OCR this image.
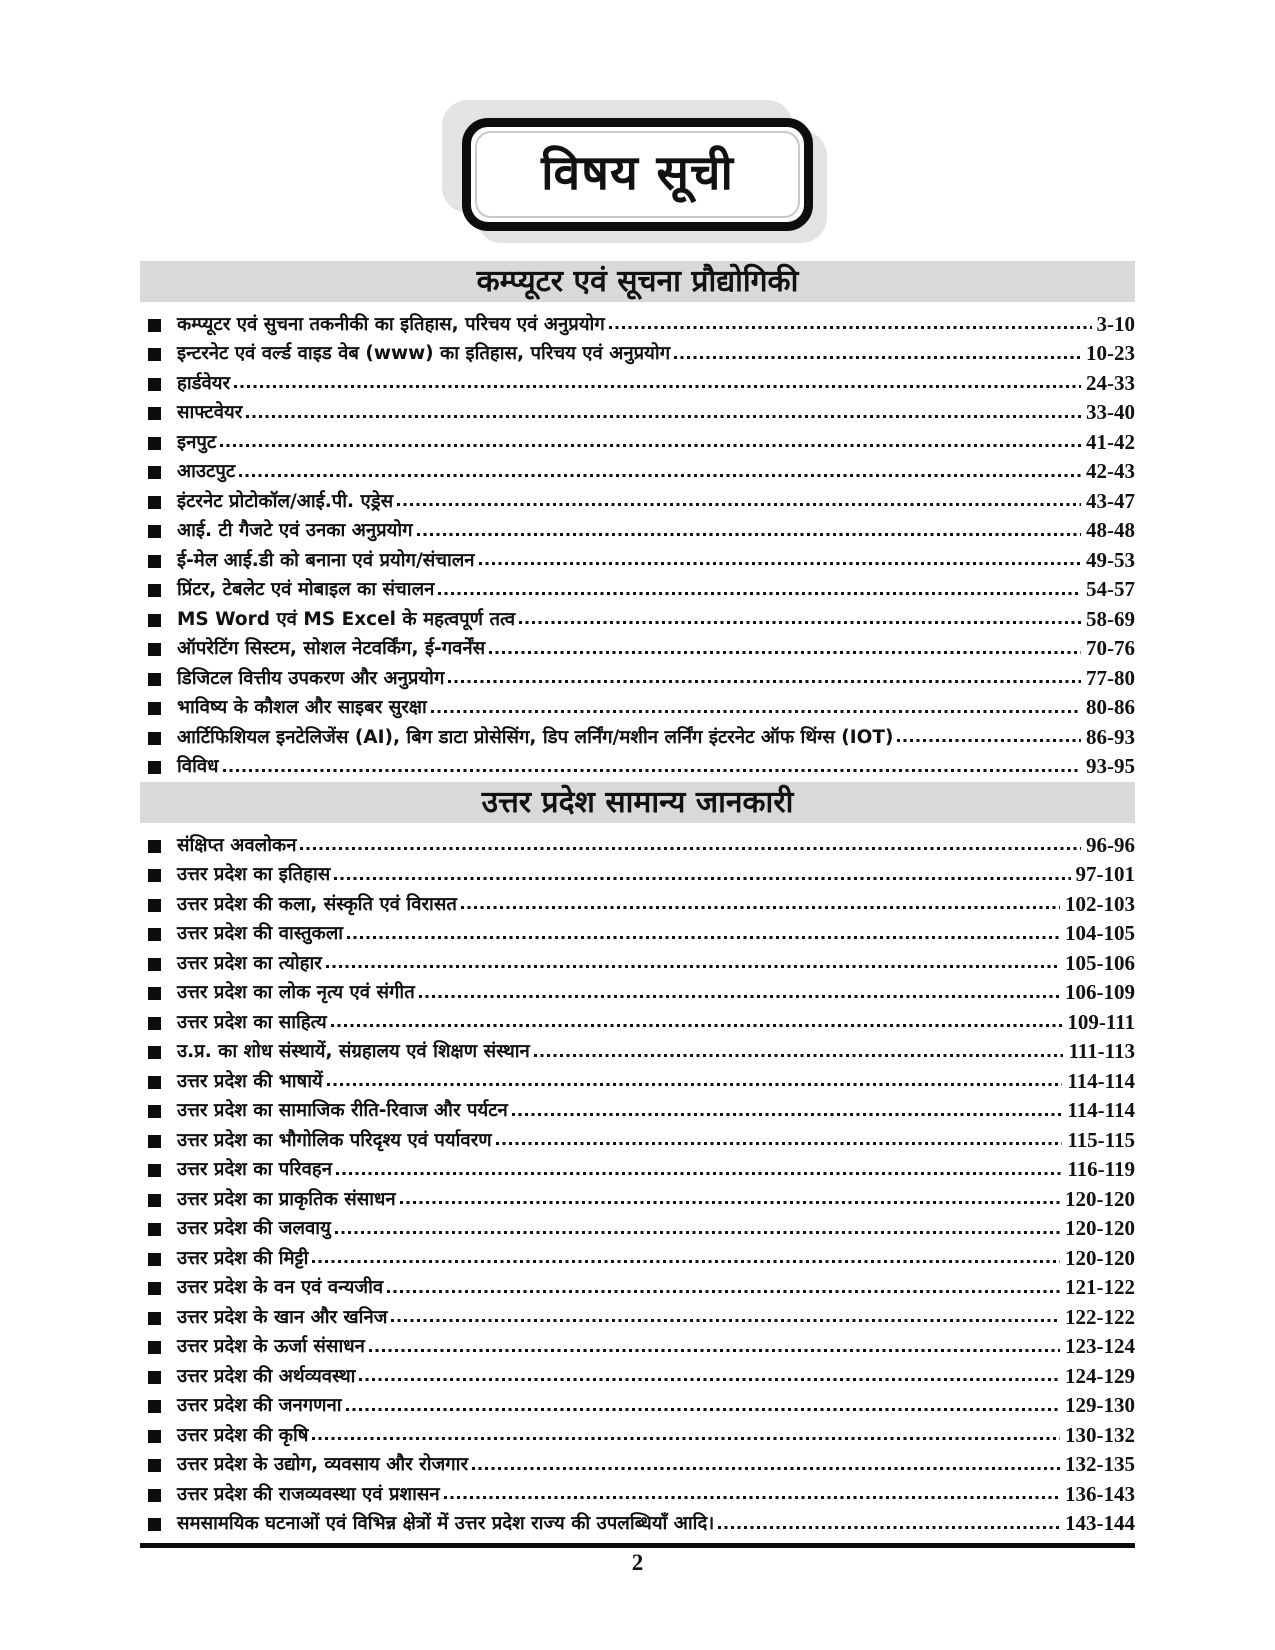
विषय सूची
कम्प्यूटर एवं सूचना प्रौद्योगिकी
कम्प्यूटर एवं सुचना तकनीकी का इतिहास, परिचय एवं अनुप्रयोग	3-10
इन्टरनेट एवं वर्ल्ड वाइड वेब (www) का इतिहास, परिचय एवं अनुप्रयोग	10-23
हार्डवेयर	24-33
साफ्टवेयर	33-40
इनपुट	41-42
आउटपुट	42-43
इंटरनेट प्रोटोकॉल/आई.पी. एड्रेस	43-47
आई. टी गैजटे एवं उनका अनुप्रयोग	48-48
ई-मेल आई.डी को बनाना एवं प्रयोग/संचालन	49-53
प्रिंटर, टेबलेट एवं मोबाइल का संचालन	54-57
MS Word एवं MS Excel के महत्वपूर्ण तत्व	58-69
ऑपरेटिंग सिस्टम, सोशल नेटवर्किंग, ई-गवर्नेंस	70-76
डिजिटल वित्तीय उपकरण और अनुप्रयोग	77-80
भाविष्य के कौशल और साइबर सुरक्षा	80-86
आर्टिफिशियल इनटेलिजेंस (AI), बिग डाटा प्रोसेसिंग, डिप लर्निंग/मशीन लर्निंग इंटरनेट ऑफ थिंग्स (IOT)	86-93
विविध	93-95
उत्तर प्रदेश सामान्य जानकारी
संक्षिप्त अवलोकन	96-96
उत्तर प्रदेश का इतिहास	97-101
उत्तर प्रदेश की कला, संस्कृति एवं विरासत	102-103
उत्तर प्रदेश की वास्तुकला	104-105
उत्तर प्रदेश का त्योहार	105-106
उत्तर प्रदेश का लोक नृत्य एवं संगीत	106-109
उत्तर प्रदेश का साहित्य	109-111
उ.प्र. का शोध संस्थायें, संग्रहालय एवं शिक्षण संस्थान	111-113
उत्तर प्रदेश की भाषायें	114-114
उत्तर प्रदेश का सामाजिक रीति-रिवाज और पर्यटन	114-114
उत्तर प्रदेश का भौगोलिक परिदृश्य एवं पर्यावरण	115-115
उत्तर प्रदेश का परिवहन	116-119
उत्तर प्रदेश का प्राकृतिक संसाधन	120-120
उत्तर प्रदेश की जलवायु	120-120
उत्तर प्रदेश की मिट्टी	120-120
उत्तर प्रदेश के वन एवं वन्यजीव	121-122
उत्तर प्रदेश के खान और खनिज	122-122
उत्तर प्रदेश के ऊर्जा संसाधन	123-124
उत्तर प्रदेश की अर्थव्यवस्था	124-129
उत्तर प्रदेश की जनगणना	129-130
उत्तर प्रदेश की कृषि	130-132
उत्तर प्रदेश के उद्योग, व्यवसाय और रोजगार	132-135
उत्तर प्रदेश की राजव्यवस्था एवं प्रशासन	136-143
समसामयिक घटनाओं एवं विभिन्न क्षेत्रों में उत्तर प्रदेश राज्य की उपलब्धियाँ आदि।	143-144
2
